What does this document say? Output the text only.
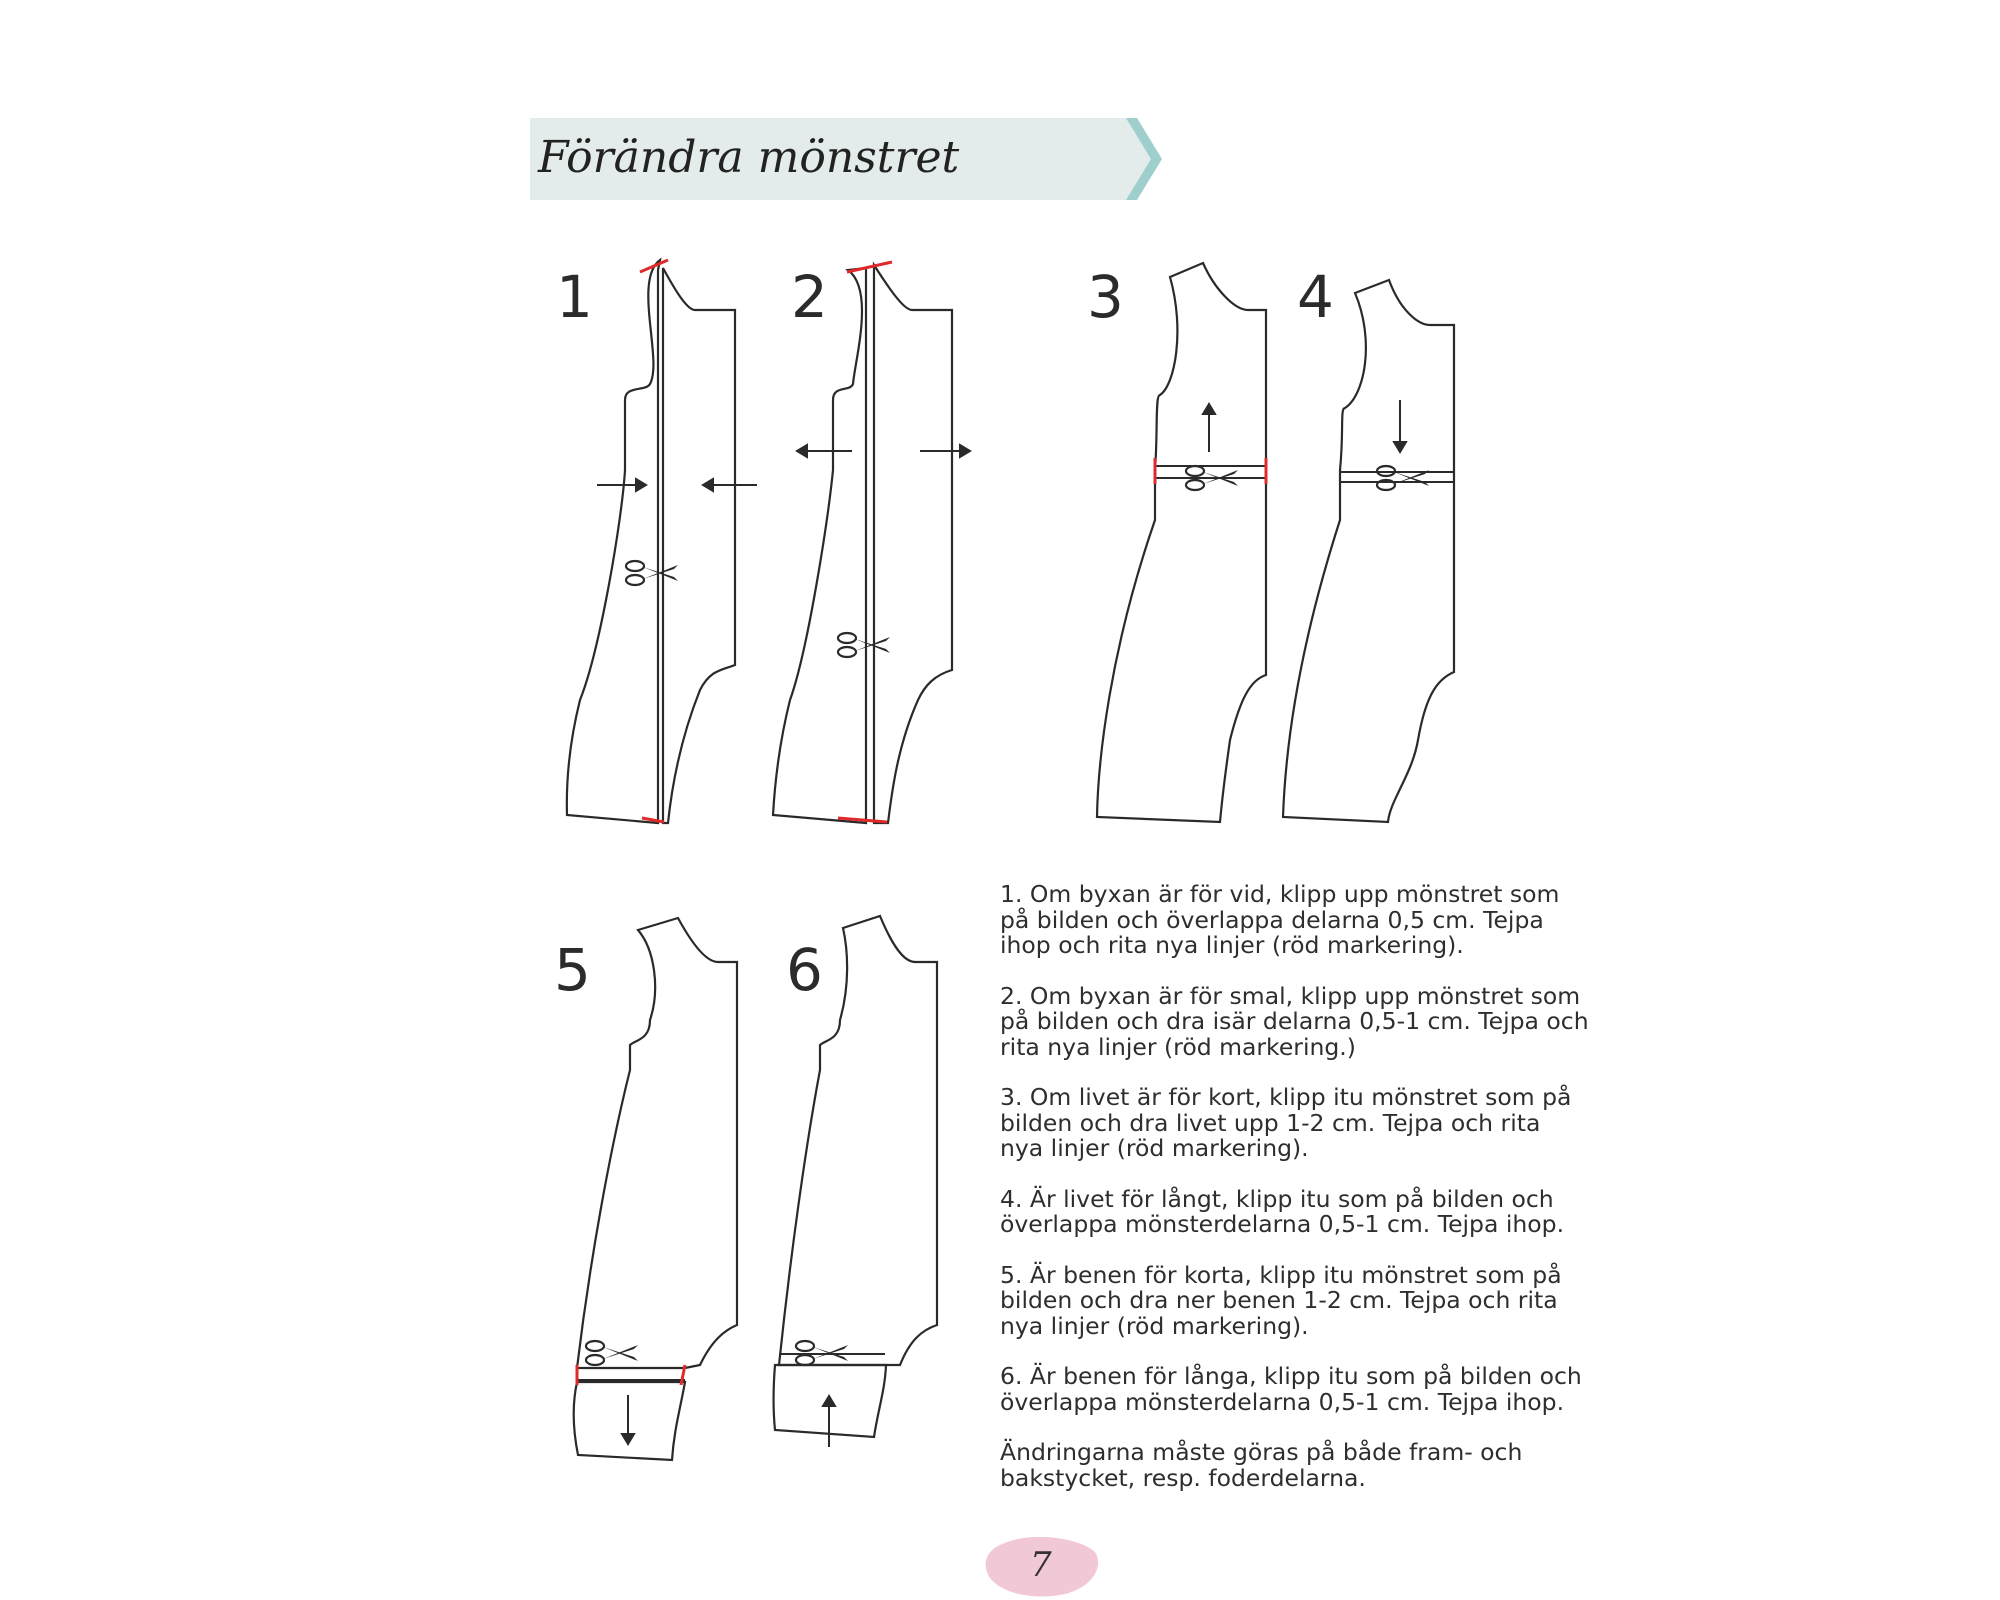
Förändra mönstret
1	2	3	4
5	6

1. Om byxan är för vid, klipp upp mönstret som på bilden och överlappa delarna 0,5 cm. Tejpa ihop och rita nya linjer (röd markering).

2. Om byxan är för smal, klipp upp mönstret som på bilden och dra isär delarna 0,5-1 cm. Tejpa och rita nya linjer (röd markering.)

3. Om livet är för kort, klipp itu mönstret som på bilden och dra livet upp 1-2 cm. Tejpa och rita nya linjer (röd markering).

4. Är livet för långt, klipp itu som på bilden och överlappa mönsterdelarna 0,5-1 cm. Tejpa ihop.

5. Är benen för korta, klipp itu mönstret som på bilden och dra ner benen 1-2 cm. Tejpa och rita nya linjer (röd markering).

6. Är benen för långa, klipp itu som på bilden och överlappa mönsterdelarna 0,5-1 cm. Tejpa ihop.

Ändringarna måste göras på både fram- och bakstycket, resp. foderdelarna.

7
